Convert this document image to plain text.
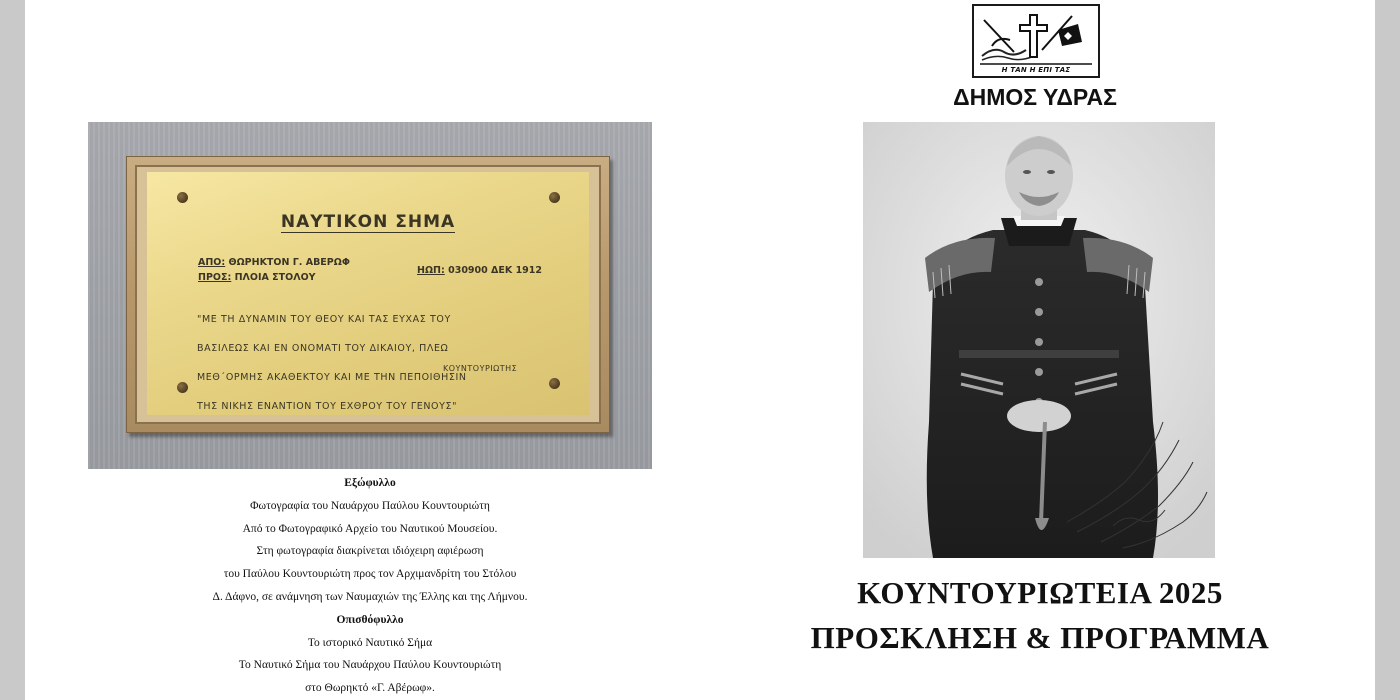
ΝΑΥΤΙΚΟΝ ΣΗΜΑ
ΑΠΟ: ΘΩΡΗΚΤΟΝ Γ. ΑΒΕΡΩΦ
ΠΡΟΣ: ΠΛΟΙΑ ΣΤΟΛΟΥ
ΗΩΠ: 030900 ΔΕΚ 1912

"ΜΕ ΤΗ ΔΥΝΑΜΙΝ ΤΟΥ ΘΕΟΥ ΚΑΙ ΤΑΣ ΕΥΧΑΣ ΤΟΥ

ΒΑΣΙΛΕΩΣ ΚΑΙ ΕΝ ΟΝΟΜΑΤΙ ΤΟΥ ΔΙΚΑΙΟΥ, ΠΛΕΩ

ΜΕΘ΄ΟΡΜΗΣ ΑΚΑΘΕΚΤΟΥ ΚΑΙ ΜΕ ΤΗΝ ΠΕΠΟΙΘΗΣΙΝ

ΤΗΣ ΝΙΚΗΣ ΕΝΑΝΤΙΟΝ ΤΟΥ ΕΧΘΡΟΥ ΤΟΥ ΓΕΝΟΥΣ"

ΚΟΥΝΤΟΥΡΙΩΤΗΣ
Εξώφυλλο
Φωτογραφία του Ναυάρχου Παύλου Κουντουριώτη
Από το Φωτογραφικό Αρχείο του Ναυτικού Μουσείου.
Στη φωτογραφία διακρίνεται ιδιόχειρη αφιέρωση
του Παύλου Κουντουριώτη προς τον Αρχιμανδρίτη του Στόλου
Δ. Δάφνο, σε ανάμνηση των Ναυμαχιών της Έλλης και της Λήμνου.
Οπισθόφυλλο
Το ιστορικό Ναυτικό Σήμα
Το Ναυτικό Σήμα του Ναυάρχου Παύλου Κουντουριώτη
στο Θωρηκτό «Γ. Αβέρωφ».
Η ΤΑΝ Η ΕΠΙ ΤΑΣ
ΔΗΜΟΣ ΥΔΡΑΣ
ΚΟΥΝΤΟΥΡΙΩΤΕΙΑ 2025
ΠΡΟΣΚΛΗΣΗ & ΠΡΟΓΡΑΜΜΑ
